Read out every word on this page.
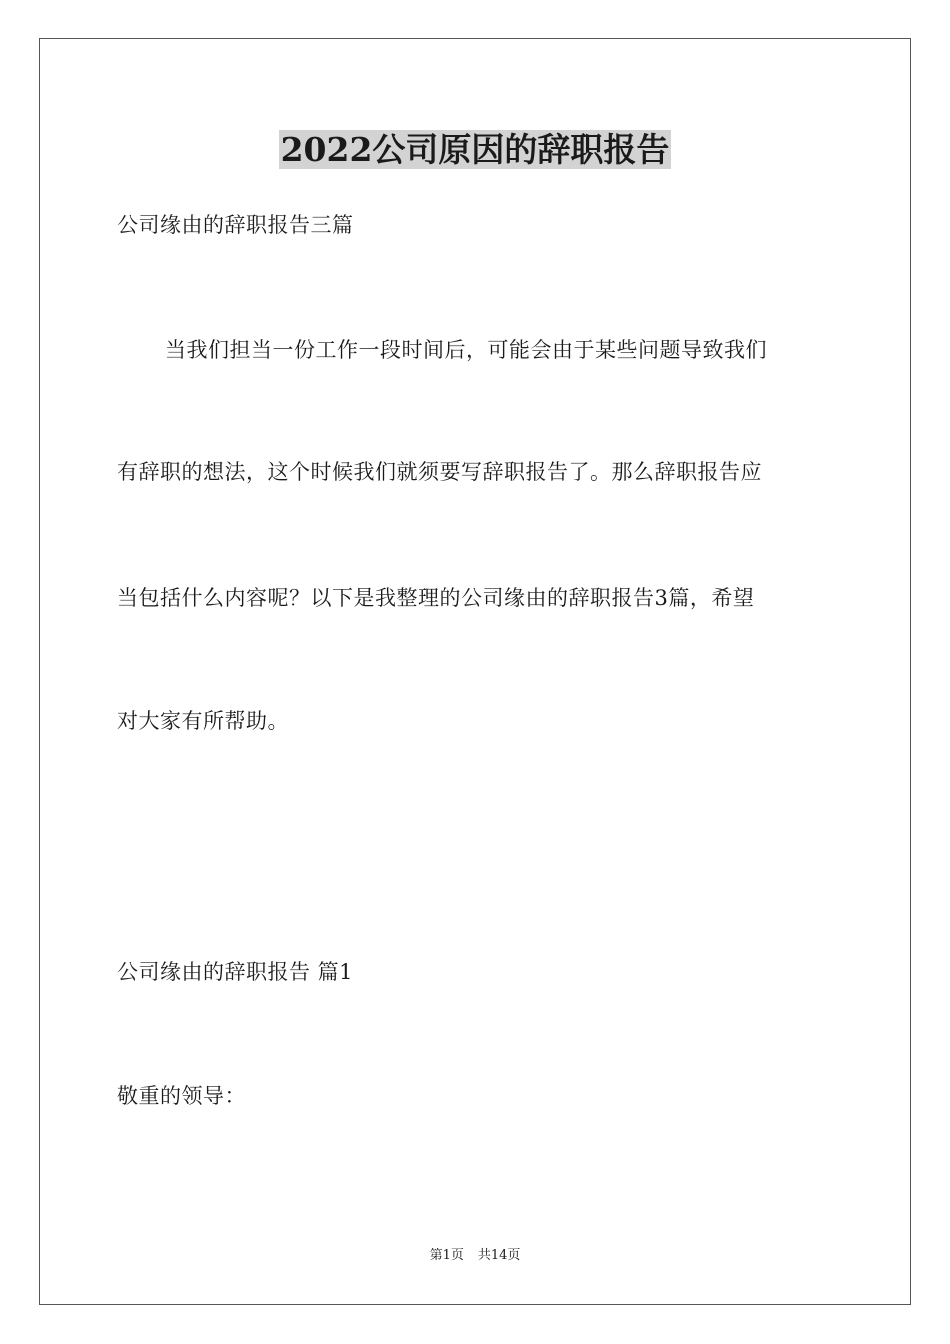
2022公司原因的辞职报告

公司缘由的辞职报告三篇

当我们担当一份工作一段时间后，可能会由于某些问题导致我们

有辞职的想法，这个时候我们就须要写辞职报告了。那么辞职报告应

当包括什么内容呢？以下是我整理的公司缘由的辞职报告3篇，希望

对大家有所帮助。

公司缘由的辞职报告 篇1

敬重的领导：

第1页 共14页
